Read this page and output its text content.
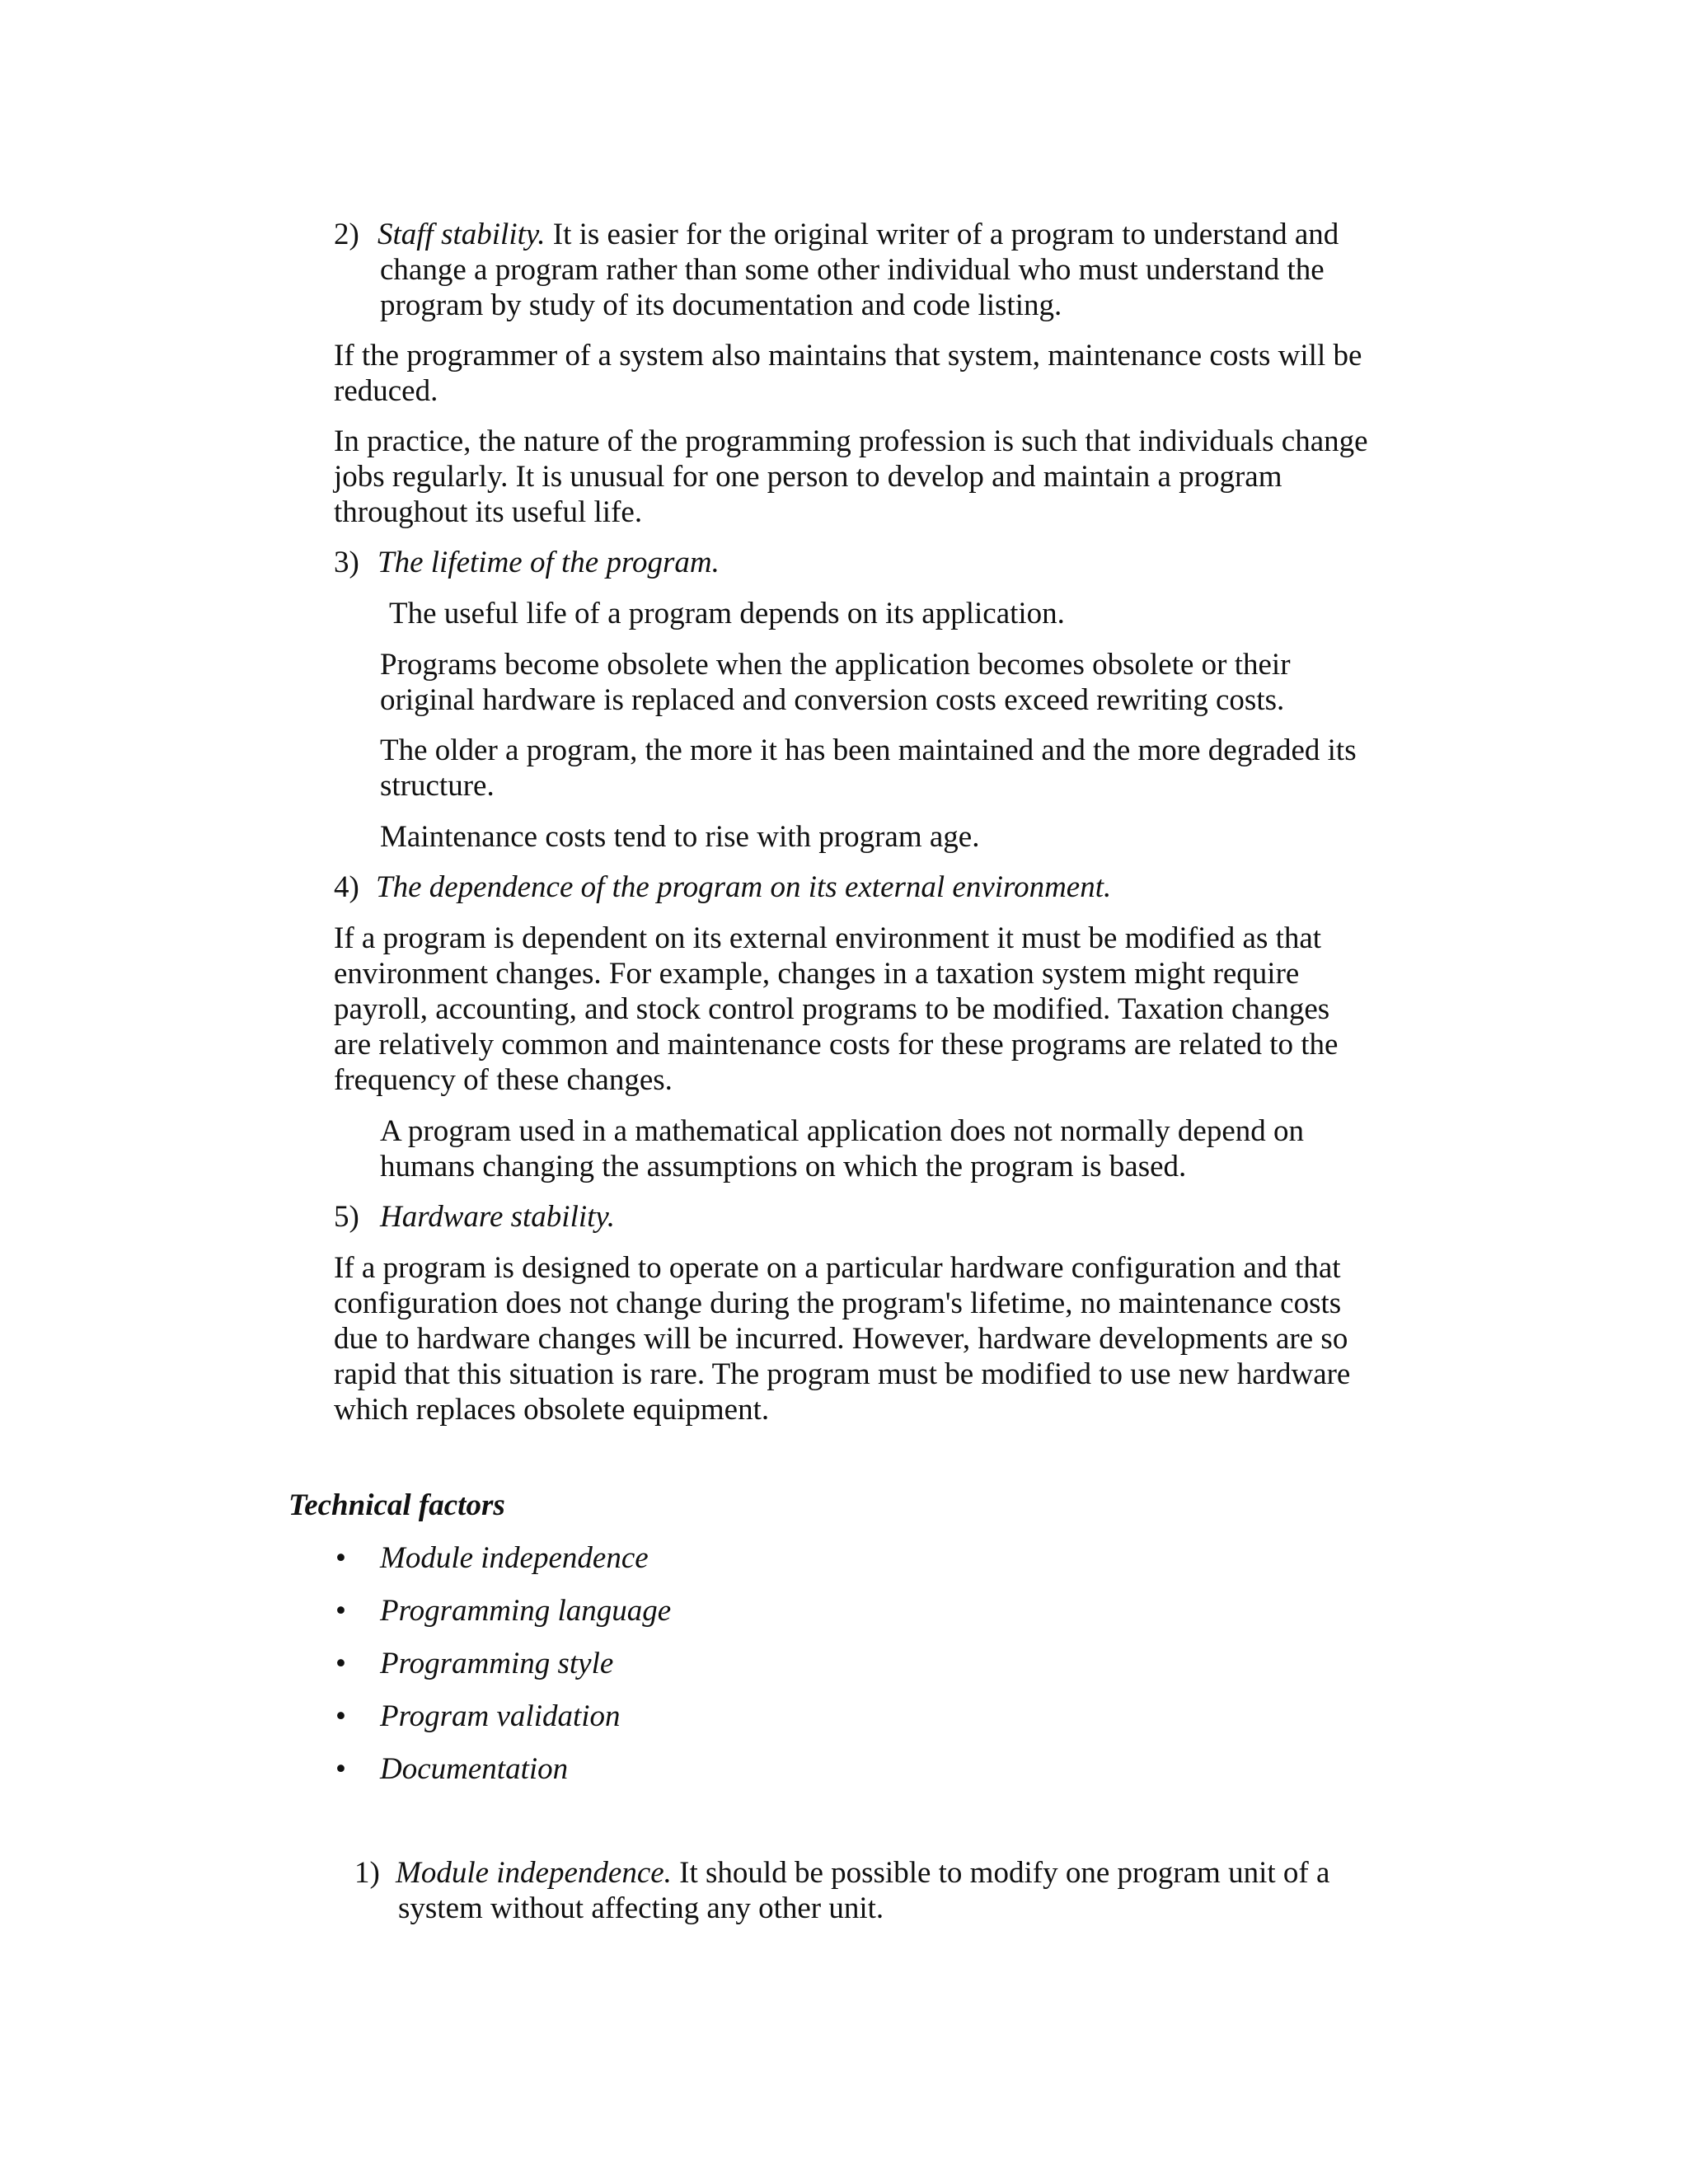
2) Staff stability. It is easier for the original writer of a program to understand and
change a program rather than some other individual who must understand the
program by study of its documentation and code listing.
If the programmer of a system also maintains that system, maintenance costs will be
reduced.
In practice, the nature of the programming profession is such that individuals change
jobs regularly. It is unusual for one person to develop and maintain a program
throughout its useful life.
3) The lifetime of the program.
The useful life of a program depends on its application.
Programs become obsolete when the application becomes obsolete or their
original hardware is replaced and conversion costs exceed rewriting costs.
The older a program, the more it has been maintained and the more degraded its
structure.
Maintenance costs tend to rise with program age.
4) The dependence of the program on its external environment.
If a program is dependent on its external environment it must be modified as that
environment changes. For example, changes in a taxation system might require
payroll, accounting, and stock control programs to be modified. Taxation changes
are relatively common and maintenance costs for these programs are related to the
frequency of these changes.
A program used in a mathematical application does not normally depend on
humans changing the assumptions on which the program is based.
5) Hardware stability.
If a program is designed to operate on a particular hardware configuration and that
configuration does not change during the program's lifetime, no maintenance costs
due to hardware changes will be incurred. However, hardware developments are so
rapid that this situation is rare. The program must be modified to use new hardware
which replaces obsolete equipment.
Technical factors
• Module independence
• Programming language
• Programming style
• Program validation
• Documentation
1) Module independence. It should be possible to modify one program unit of a
system without affecting any other unit.
